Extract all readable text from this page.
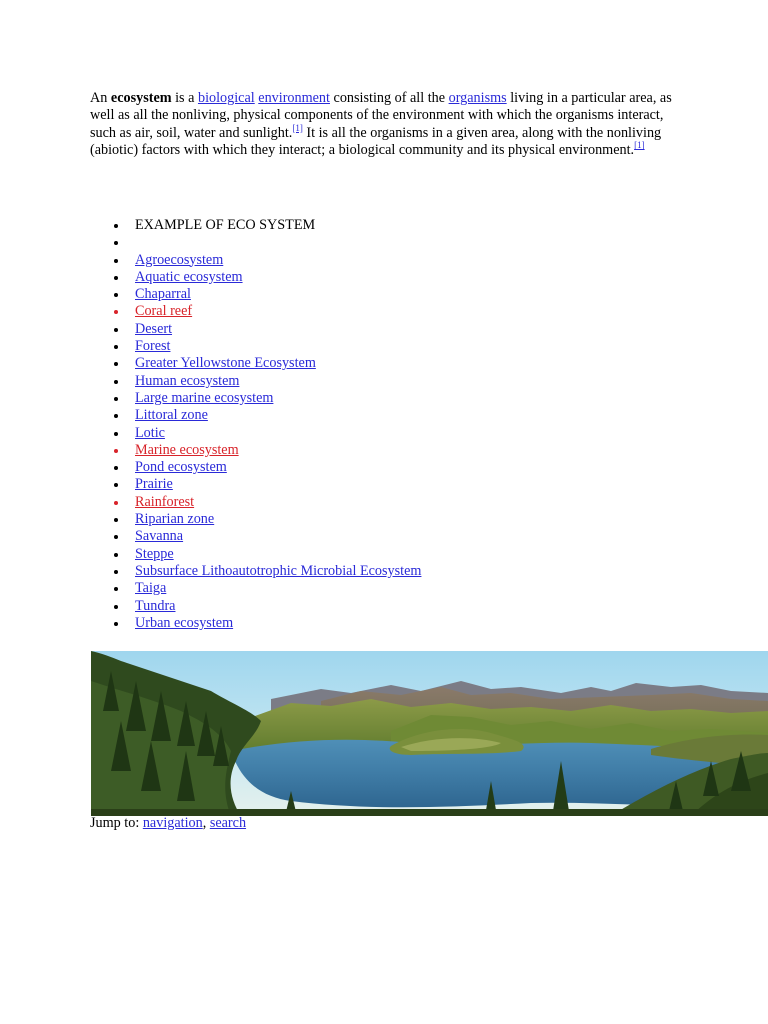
An ecosystem is a biological environment consisting of all the organisms living in a particular area, as well as all the nonliving, physical components of the environment with which the organisms interact, such as air, soil, water and sunlight.[1] It is all the organisms in a given area, along with the nonliving (abiotic) factors with which they interact; a biological community and its physical environment.[1]

EXAMPLE OF ECO SYSTEM
Agroecosystem
Aquatic ecosystem
Chaparral
Coral reef
Desert
Forest
Greater Yellowstone Ecosystem
Human ecosystem
Large marine ecosystem
Littoral zone
Lotic
Marine ecosystem
Pond ecosystem
Prairie
Rainforest
Riparian zone
Savanna
Steppe
Subsurface Lithoautotrophic Microbial Ecosystem
Taiga
Tundra
Urban ecosystem
Jump to: navigation, search
